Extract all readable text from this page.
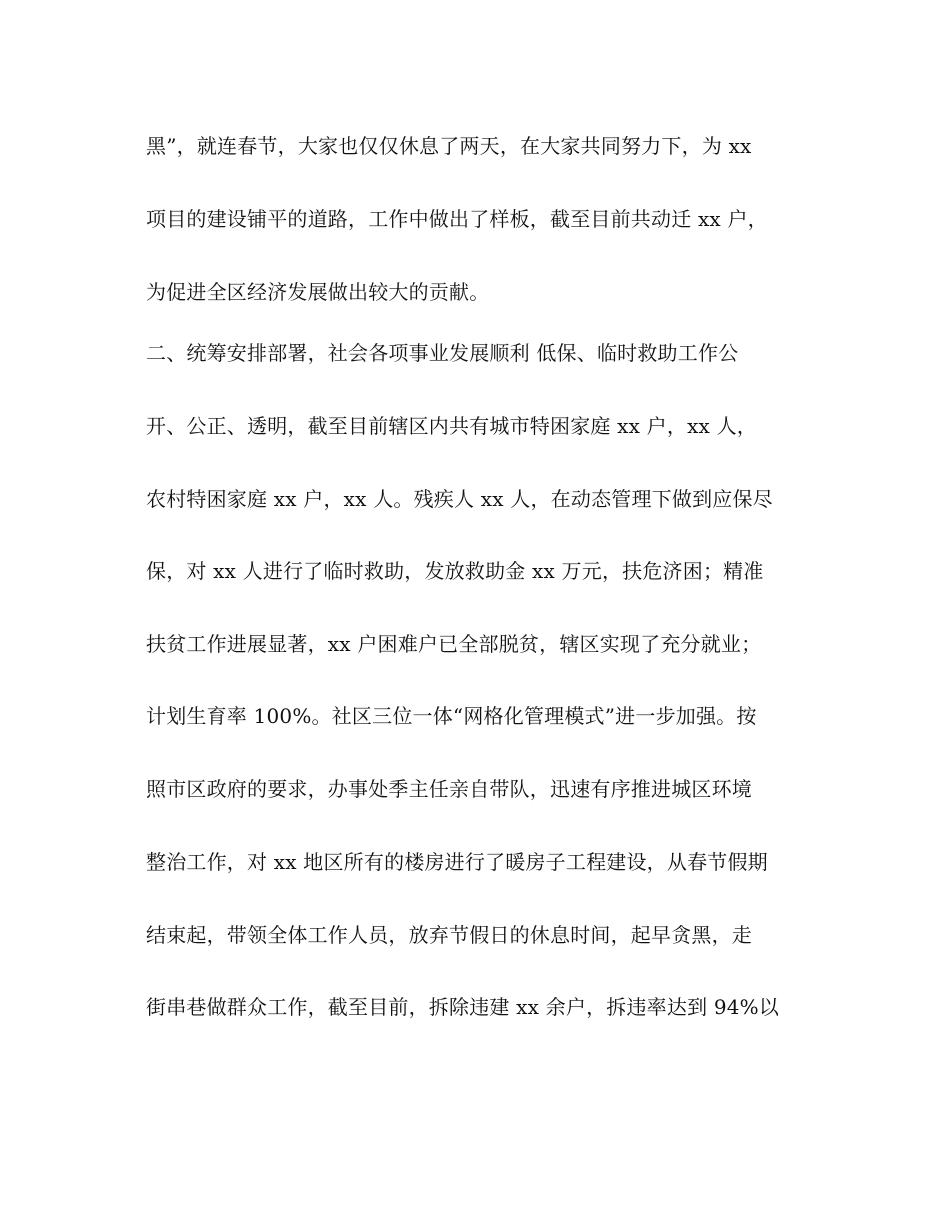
黑”，就连春节，大家也仅仅休息了两天，在大家共同努力下，为 xx
项目的建设铺平的道路，工作中做出了样板，截至目前共动迁 xx 户，
为促进全区经济发展做出较大的贡献。
二、统筹安排部署，社会各项事业发展顺利 低保、临时救助工作公
开、公正、透明，截至目前辖区内共有城市特困家庭 xx 户，xx 人，
农村特困家庭 xx 户，xx 人。残疾人 xx 人，在动态管理下做到应保尽
保，对 xx 人进行了临时救助，发放救助金 xx 万元，扶危济困；精准
扶贫工作进展显著，xx 户困难户已全部脱贫，辖区实现了充分就业；
计划生育率 100%。社区三位一体“网格化管理模式”进一步加强。按
照市区政府的要求，办事处季主任亲自带队，迅速有序推进城区环境
整治工作，对 xx 地区所有的楼房进行了暖房子工程建设，从春节假期
结束起，带领全体工作人员，放弃节假日的休息时间，起早贪黑，走
街串巷做群众工作，截至目前，拆除违建 xx 余户，拆违率达到 94%以
